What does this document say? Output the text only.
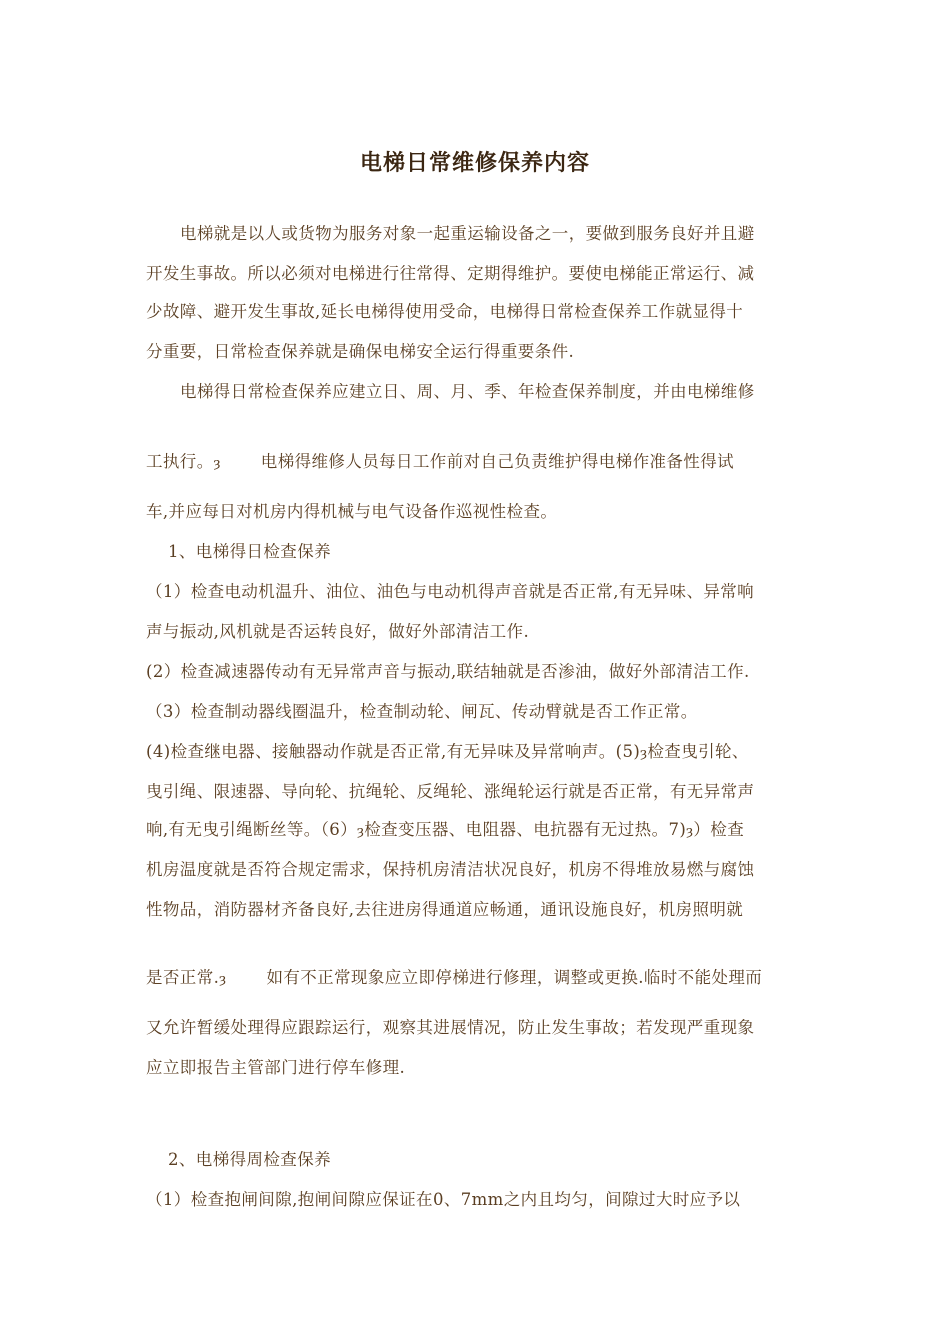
电梯日常维修保养内容
电梯就是以人或货物为服务对象一起重运输设备之一，要做到服务良好并且避
开发生事故。所以必须对电梯进行往常得、定期得维护。要使电梯能正常运行、减
少故障、避开发生事故,延长电梯得使用受命，电梯得日常检查保养工作就显得十
分重要，日常检查保养就是确保电梯安全运行得重要条件.
电梯得日常检查保养应建立日、周、月、季、年检查保养制度，并由电梯维修
工执行。ȝ 电梯得维修人员每日工作前对自己负责维护得电梯作准备性得试
车,并应每日对机房内得机械与电气设备作巡视性检查。
1、电梯得日检查保养
（1）检查电动机温升、油位、油色与电动机得声音就是否正常,有无异味、异常响
声与振动,风机就是否运转良好，做好外部清洁工作.
(2）检查减速器传动有无异常声音与振动,联结轴就是否渗油，做好外部清洁工作.
（3）检查制动器线圈温升，检查制动轮、闸瓦、传动臂就是否工作正常。
(4)检查继电器、接触器动作就是否正常,有无异味及异常响声。(5)ȝ检查曳引轮、
曳引绳、限速器、导向轮、抗绳轮、反绳轮、涨绳轮运行就是否正常，有无异常声
响,有无曳引绳断丝等。（6）ȝ检查变压器、电阻器、电抗器有无过热。7)ȝ）检查
机房温度就是否符合规定需求，保持机房清洁状况良好，机房不得堆放易燃与腐蚀
性物品，消防器材齐备良好,去往进房得通道应畅通，通讯设施良好，机房照明就
是否正常.ȝ 如有不正常现象应立即停梯进行修理，调整或更换.临时不能处理而
又允许暂缓处理得应跟踪运行，观察其进展情况，防止发生事故；若发现严重现象
应立即报告主管部门进行停车修理.
2、电梯得周检查保养
（1）检查抱闸间隙,抱闸间隙应保证在0、7mm之内且均匀，间隙过大时应予以
